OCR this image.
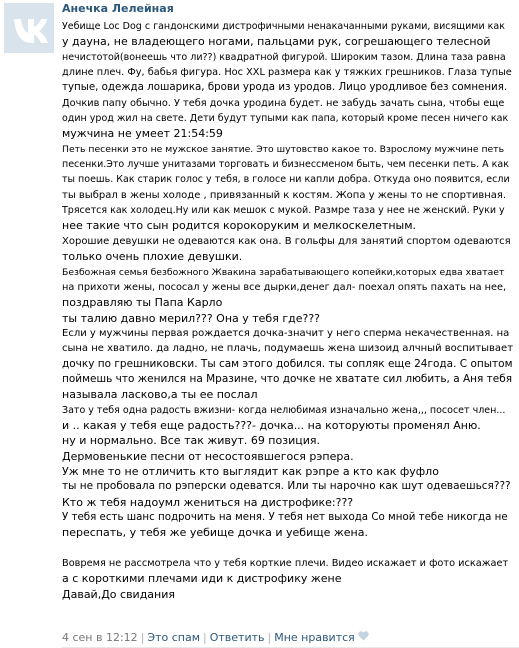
Анечка Лелейная
Уебище Loc Dog с гандонскими дистрофичными ненакачанными руками, висящими как
у дауна, не владеющего ногами, пальцами рук, согрешающего телесной
нечистотой(вонеешь что ли??) квадратной фигурой. Широким тазом. Длина таза равна
длине плеч. Фу, бабья фигура. Нос XXL размера как у тяжких грешников. Глаза тупые
тупые, одежда лошарика, брови урода из уродов. Лицо уродливое без сомнения.
Дочкив папу обычно. У тебя дочка уродина будет. не забудь зачать сына, чтобы еще
один урод жил на свете. Дети будут тупыми как папа, который кроме песен ничего как
мужчина не умеет 21:54:59
Петь песенки это не мужское занятие. Это шутовство какое то. Взрослому мужчине петь
песенки.Это лучше унитазами торговать и бизнессменом быть, чем песенки петь. А как
ты поешь. Как старик голос у тебя, в голосе ни капли добра. Откуда оно появится, если
ты выбрал в жены холоде , привязанный к костям. Жопа у жены то не спортивная.
Трясется как холодец.Ну или как мешок с мукой. Размре таза у нее не женский. Руки у
нее такие что сын родится корокоруким и мелкоскелетным.
Хорошие девушки не одеваются как она. В гольфы для занятий спортом одеваются
только очень плохие девушки.
Безбожная семья безбожного Жвакина зарабатывающего копейки,которых едва хватает
на прихоти жены, пососал у жены все дырки,денег дал- поехал опять пахать на нее,
поздравляю ты Папа Карло
ты талию давно мерил??? Она у тебя где???
Если у мужчины первая рождается дочка-значит у него сперма некачественная. на
сына не хватило. да ладно, не плачь, подумаешь жена шизоид алчный воспитывает
дочку по грешниковски. Ты сам этого добился. ты сопляк еще 24года. С опытом
поймешь что женился на Мразине, что дочке не хватате сил любить, а Аня тебя
называла ласково,а ты ее послал
Зато у тебя одна радость вжизни- когда нелюбимая изначально жена,,, пососет член...
и .. какая у тебя еще радость???- дочка... на которуюты променял Аню.
ну и нормально. Все так живут. 69 позиция.
Дермовенькие песни от несостоявшегося рэпера.
Уж мне то не отличить кто выглядит как рэпре а кто как фуфло
ты не пробовала по рэперски одеватся. Или ты нарочно как шут одеваешься???
Кто ж тебя надоумл жениться на дистрофике:???
У тебя есть шанс подрочить на меня. У тебя нет выхода Со мной тебе никогда не
переспать, у тебя же уебище дочка и уебище жена.
Вовремя не рассмотрела что у тебя корткие плечи. Видео искажает и фото искажает
а с короткими плечами иди к дистрофику жене
Давай,До свидания
4 сен в 12:12 | Это спам | Ответить | Мне нравится
